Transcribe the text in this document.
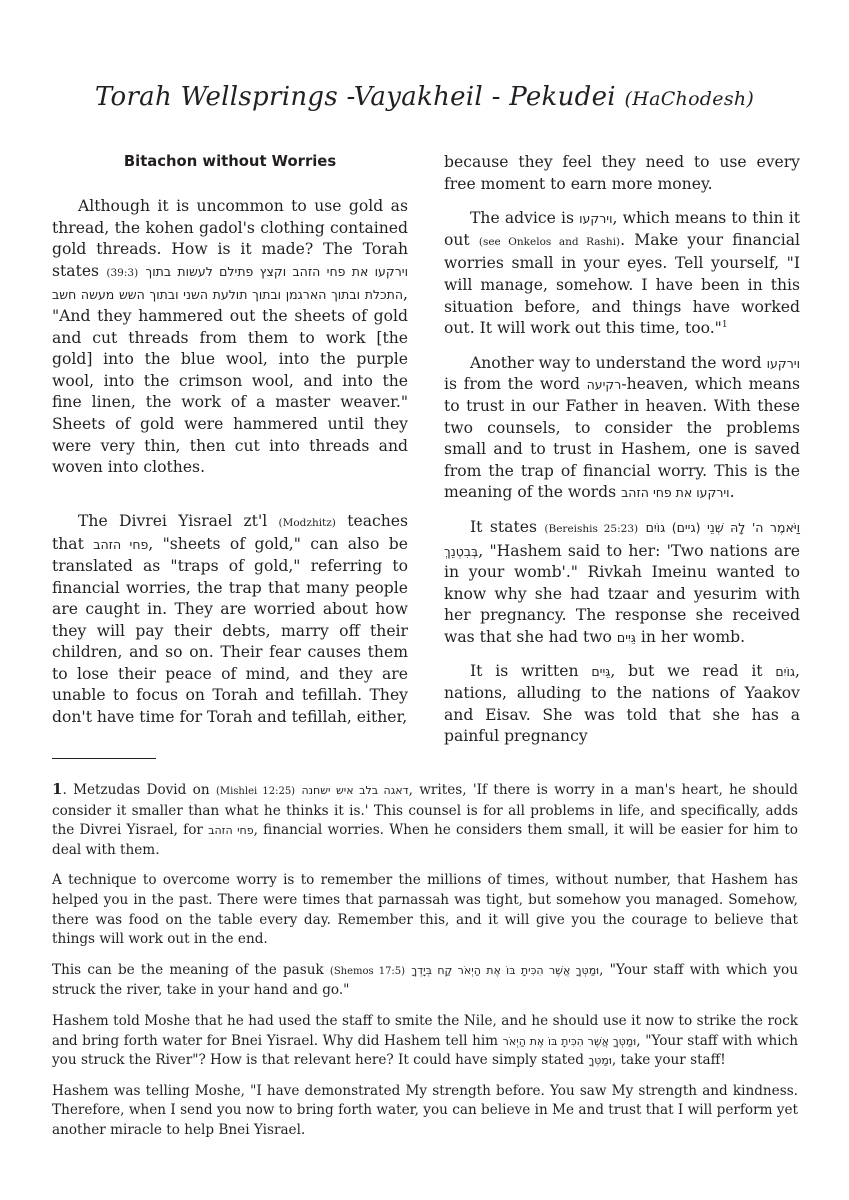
Torah Wellsprings -Vayakheil - Pekudei (HaChodesh)
Bitachon without Worries

Although it is uncommon to use gold as thread, the kohen gadol's clothing contained gold threads. How is it made? The Torah states (39:3) וירקעו את פחי הזהב וקצץ פתילם לעשות בתוך התכלת ובתוך הארגמן ובתוך תולעת השני ובתוך השש מעשה חשב, "And they hammered out the sheets of gold and cut threads from them to work [the gold] into the blue wool, into the purple wool, into the crimson wool, and into the fine linen, the work of a master weaver." Sheets of gold were hammered until they were very thin, then cut into threads and woven into clothes.

The Divrei Yisrael zt'l (Modzhitz) teaches that פחי הזהב, "sheets of gold," can also be translated as "traps of gold," referring to financial worries, the trap that many people are caught in. They are worried about how they will pay their debts, marry off their children, and so on. Their fear causes them to lose their peace of mind, and they are unable to focus on Torah and tefillah. They don't have time for Torah and tefillah, either,

because they feel they need to use every free moment to earn more money.

The advice is וירקעו, which means to thin it out (see Onkelos and Rashi). Make your financial worries small in your eyes. Tell yourself, "I will manage, somehow. I have been in this situation before, and things have worked out. It will work out this time, too."$^1$

Another way to understand the word וירקעו is from the word רקיעה-heaven, which means to trust in our Father in heaven. With these two counsels, to consider the problems small and to trust in Hashem, one is saved from the trap of financial worry. This is the meaning of the words וירקעו את פחי הזהב.

It states (Bereishis 25:23) וַיֹּאמֶר ה' לָהּ שְׁנֵי (גיים) גוֹיִם בְּבִטְנֵךְ, "Hashem said to her: 'Two nations are in your womb'." Rivkah Imeinu wanted to know why she had tzaar and yesurim with her pregnancy. The response she received was that she had two גֵּיִים in her womb.

It is written גֵּיִים, but we read it גוֹיִם, nations, alluding to the nations of Yaakov and Eisav. She was told that she has a painful pregnancy

1. Metzudas Dovid on (Mishlei 12:25) דאגה בלב איש ישחנה, writes, 'If there is worry in a man's heart, he should consider it smaller than what he thinks it is.' This counsel is for all problems in life, and specifically, adds the Divrei Yisrael, for פחי הזהב, financial worries. When he considers them small, it will be easier for him to deal with them.

A technique to overcome worry is to remember the millions of times, without number, that Hashem has helped you in the past. There were times that parnassah was tight, but somehow you managed. Somehow, there was food on the table every day. Remember this, and it will give you the courage to believe that things will work out in the end.

This can be the meaning of the pasuk (Shemos 17:5) וּמַטְּךָ אֲשֶׁר הִכִּיתָ בּוֹ אֶת הַיְאֹר קַח בְּיָדְךָ, "Your staff with which you struck the river, take in your hand and go."

Hashem told Moshe that he had used the staff to smite the Nile, and he should use it now to strike the rock and bring forth water for Bnei Yisrael. Why did Hashem tell him וּמַטְּךָ אֲשֶׁר הִכִּיתָ בּוֹ אֶת הַיְאֹר, "Your staff with which you struck the River"? How is that relevant here? It could have simply stated וּמַטְּךָ, take your staff!

Hashem was telling Moshe, "I have demonstrated My strength before. You saw My strength and kindness. Therefore, when I send you now to bring forth water, you can believe in Me and trust that I will perform yet another miracle to help Bnei Yisrael.
